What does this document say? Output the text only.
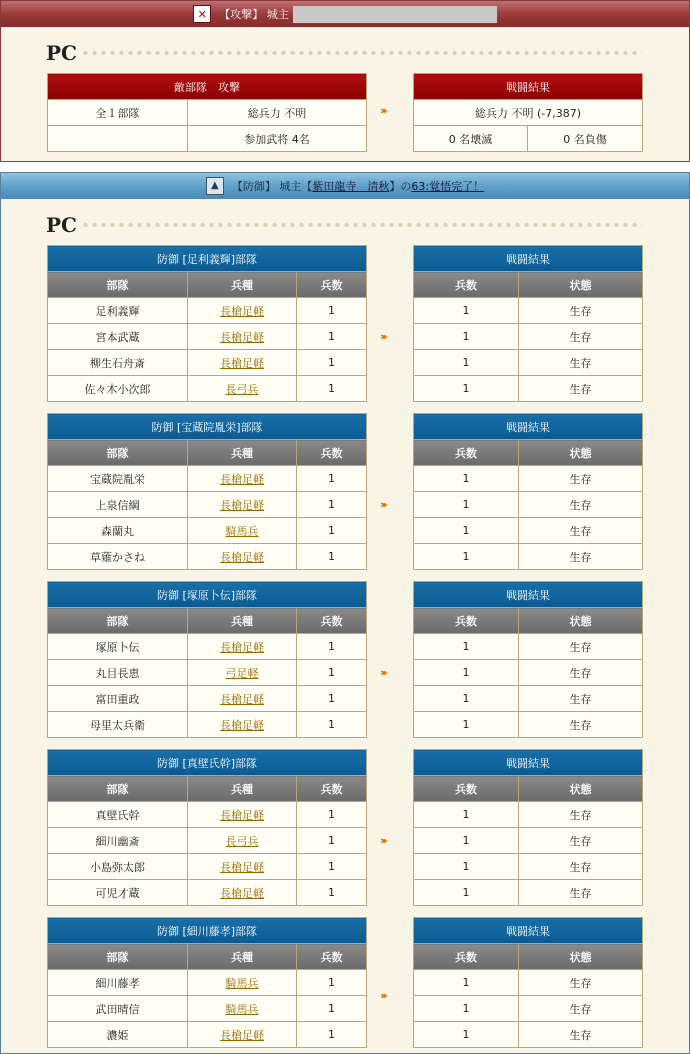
✕ 【攻撃】 城主
PC
敵部隊　攻撃	
全１部隊	総兵力 不明
	参加武将 4名
›››
戦闘結果
総兵力 不明 (-7,387)
0 名壊滅	0 名負傷
▲ 【防御】 城主【 紫田龍寺　清秋 】の 63:覚悟完了！
PC
防御 [足利義輝]部隊		
部隊	兵種	兵数
足利義輝	長槍足軽	1
宮本武蔵	長槍足軽	1
柳生石舟斎	長槍足軽	1
佐々木小次郎	長弓兵	1
›››
戦闘結果	
兵数	状態
1	生存
1	生存
1	生存
1	生存
防御 [宝蔵院胤栄]部隊		
部隊	兵種	兵数
宝蔵院胤栄	長槍足軽	1
上泉信綱	長槍足軽	1
森蘭丸	騎馬兵	1
草薙かさね	長槍足軽	1
›››
戦闘結果	
兵数	状態
1	生存
1	生存
1	生存
1	生存
防御 [塚原卜伝]部隊		
部隊	兵種	兵数
塚原卜伝	長槍足軽	1
丸目長恵	弓足軽	1
富田重政	長槍足軽	1
母里太兵衛	長槍足軽	1
›››
戦闘結果	
兵数	状態
1	生存
1	生存
1	生存
1	生存
防御 [真壁氏幹]部隊		
部隊	兵種	兵数
真壁氏幹	長槍足軽	1
細川幽斎	長弓兵	1
小島弥太郎	長槍足軽	1
可児才蔵	長槍足軽	1
›››
戦闘結果	
兵数	状態
1	生存
1	生存
1	生存
1	生存
防御 [細川藤孝]部隊		
部隊	兵種	兵数
細川藤孝	騎馬兵	1
武田晴信	騎馬兵	1
濃姫	長槍足軽	1
›››
戦闘結果	
兵数	状態
1	生存
1	生存
1	生存
